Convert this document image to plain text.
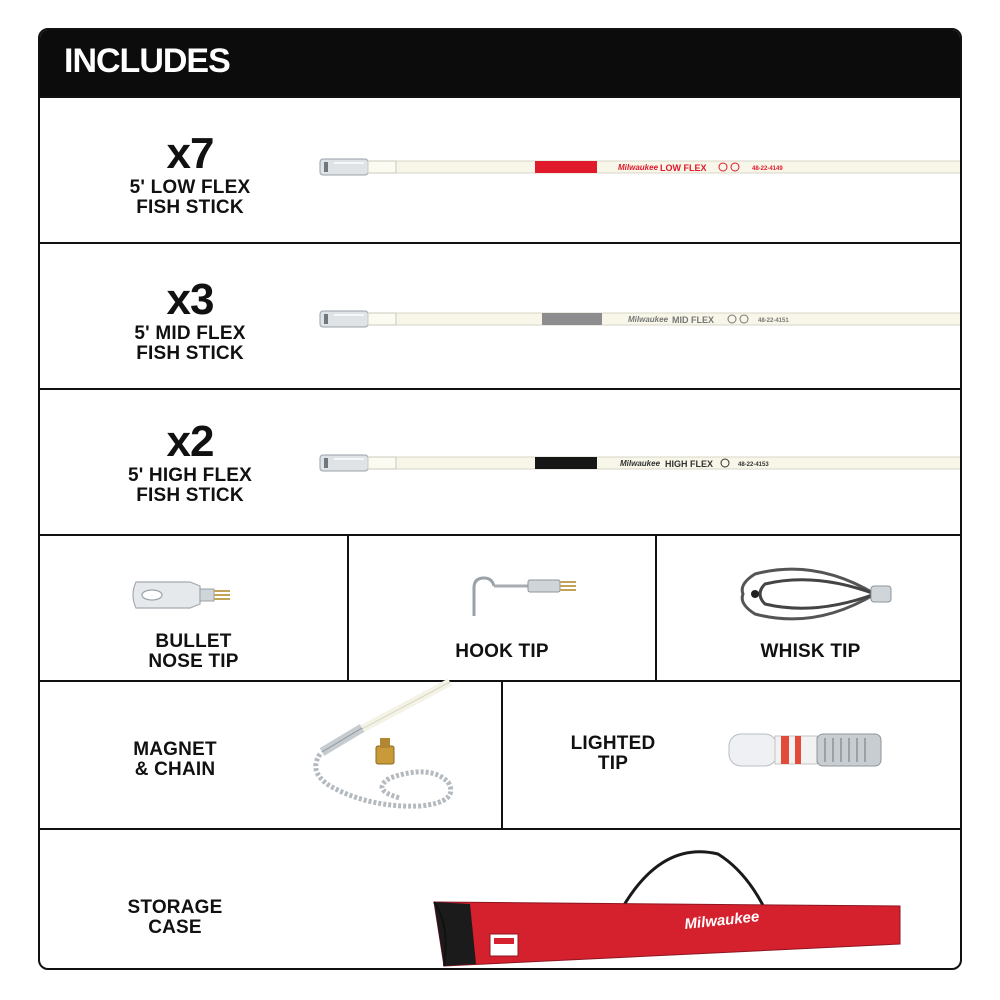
INCLUDES
x7
5' LOW FLEX
FISH STICK
Milwaukee LOW FLEX	48-22-4149
x3
5' MID FLEX
FISH STICK
Milwaukee MID FLEX	48-22-4151
x2
5' HIGH FLEX
FISH STICK
Milwaukee HIGH FLEX	48-22-4153
BULLET
NOSE TIP	HOOK TIP	WHISK TIP
MAGNET
& CHAIN
LIGHTED
TIP
STORAGE
CASE	Milwaukee
